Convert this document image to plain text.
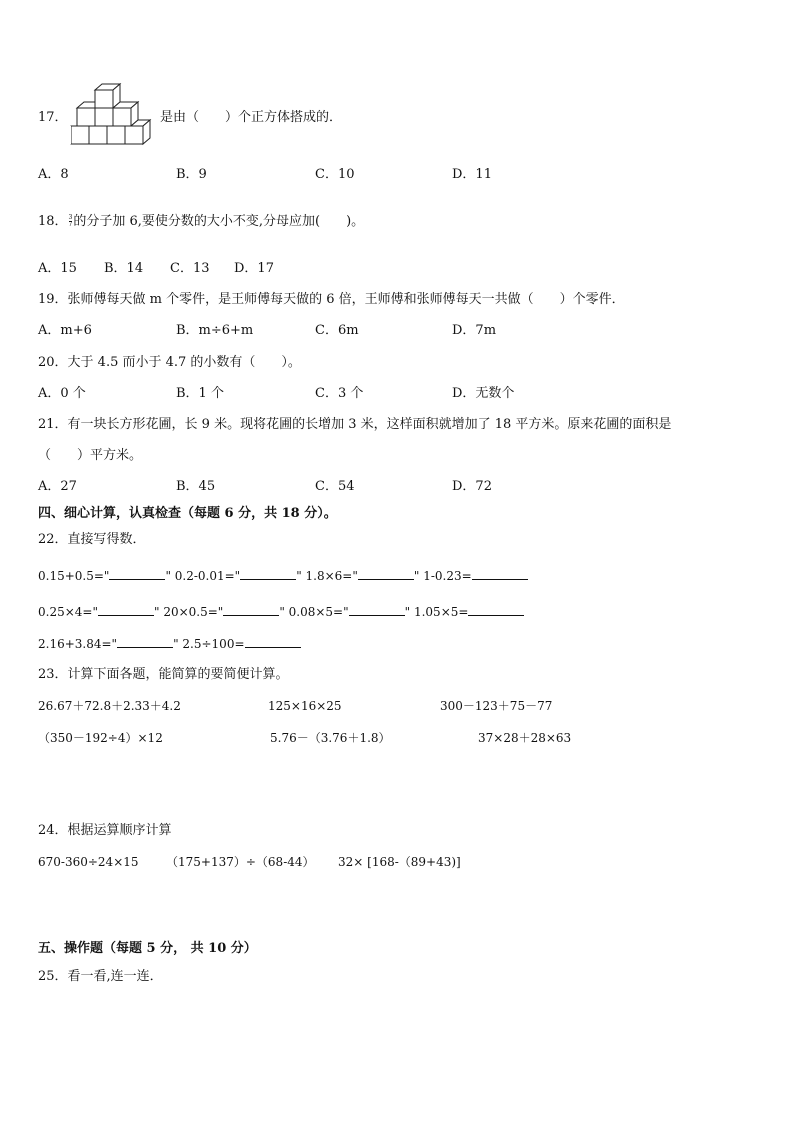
17．	是由（　　）个正方体搭成的．
A．8	B．9	C．10	D．11
18． $\frac{3}{7}$ 的分子加 6,要使分数的大小不变,分母应加(　　)。
A．15 B．14 C．13 D．17
19．张师傅每天做 m 个零件，是王师傅每天做的 6 倍，王师傅和张师傅每天一共做（　　）个零件．
A．m+6	B．m÷6+m	C．6m	D．7m
20．大于 4.5 而小于 4.7 的小数有（　　）。
A．0 个	B．1 个	C．3 个	D．无数个
21．有一块长方形花圃，长 9 米。现将花圃的长增加 3 米，这样面积就增加了 18 平方米。原来花圃的面积是
（　　）平方米。
A．27	B．45	C．54	D．72
四、细心计算，认真检查（每题 6 分，共 18 分）。
22．直接写得数．
0.15+0.5="	" 0.2-0.01="	" 1.8×6="	" 1-0.23=
0.25×4="	" 20×0.5="	" 0.08×5="	" 1.05×5=
2.16+3.84="	" 2.5÷100=
23．计算下面各题，能简算的要简便计算。
26.67＋72.8＋2.33＋4.2	125×16×25	300－123＋75－77
（350－192÷4）×12	5.76－（3.76＋1.8）	37×28＋28×63
24．根据运算顺序计算
670-360÷24×15 （175+137）÷（68-44） 32× [168-（89+43)]
五、操作题（每题 5 分， 共 10 分）
25．看一看,连一连．
